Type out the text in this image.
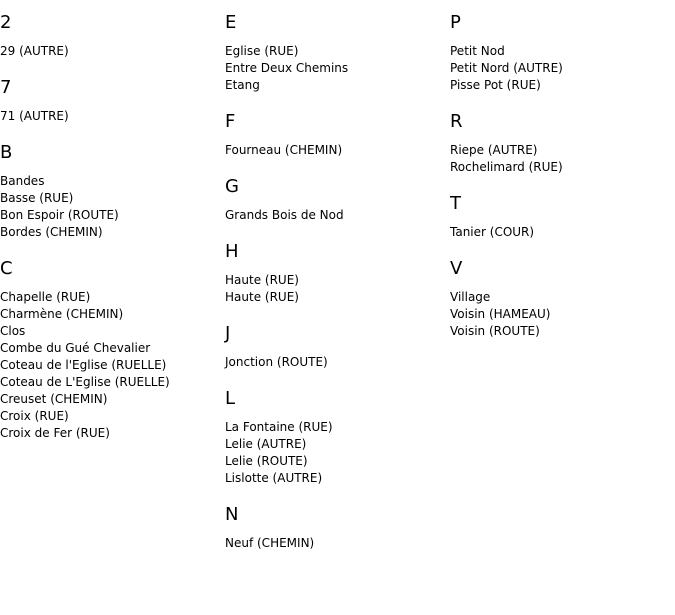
2
29 (AUTRE)
7
71 (AUTRE)
B
Bandes
Basse (RUE)
Bon Espoir (ROUTE)
Bordes (CHEMIN)
C
Chapelle (RUE)
Charmène (CHEMIN)
Clos
Combe du Gué Chevalier
Coteau de l'Eglise (RUELLE)
Coteau de L'Eglise (RUELLE)
Creuset (CHEMIN)
Croix (RUE)
Croix de Fer (RUE)
E
Eglise (RUE)
Entre Deux Chemins
Etang
F
Fourneau (CHEMIN)
G
Grands Bois de Nod
H
Haute (RUE)
Haute (RUE)
J
Jonction (ROUTE)
L
La Fontaine (RUE)
Lelie (AUTRE)
Lelie (ROUTE)
Lislotte (AUTRE)
N
Neuf (CHEMIN)
P
Petit Nod
Petit Nord (AUTRE)
Pisse Pot (RUE)
R
Riepe (AUTRE)
Rochelimard (RUE)
T
Tanier (COUR)
V
Village
Voisin (HAMEAU)
Voisin (ROUTE)
